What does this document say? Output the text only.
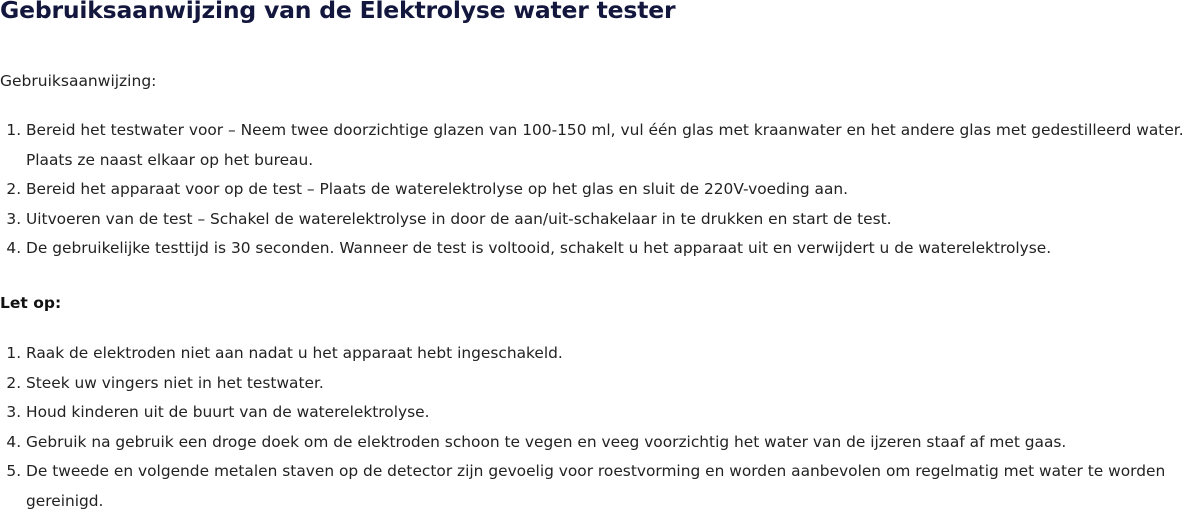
Gebruiksaanwijzing van de Elektrolyse water tester

Gebruiksaanwijzing:

1. Bereid het testwater voor – Neem twee doorzichtige glazen van 100-150 ml, vul één glas met kraanwater en het andere glas met gedestilleerd water. Plaats ze naast elkaar op het bureau.
2. Bereid het apparaat voor op de test – Plaats de waterelektrolyse op het glas en sluit de 220V-voeding aan.
3. Uitvoeren van de test – Schakel de waterelektrolyse in door de aan/uit-schakelaar in te drukken en start de test.
4. De gebruikelijke testtijd is 30 seconden. Wanneer de test is voltooid, schakelt u het apparaat uit en verwijdert u de waterelektrolyse.

Let op:

1. Raak de elektroden niet aan nadat u het apparaat hebt ingeschakeld.
2. Steek uw vingers niet in het testwater.
3. Houd kinderen uit de buurt van de waterelektrolyse.
4. Gebruik na gebruik een droge doek om de elektroden schoon te vegen en veeg voorzichtig het water van de ijzeren staaf af met gaas.
5. De tweede en volgende metalen staven op de detector zijn gevoelig voor roestvorming en worden aanbevolen om regelmatig met water te worden gereinigd.
